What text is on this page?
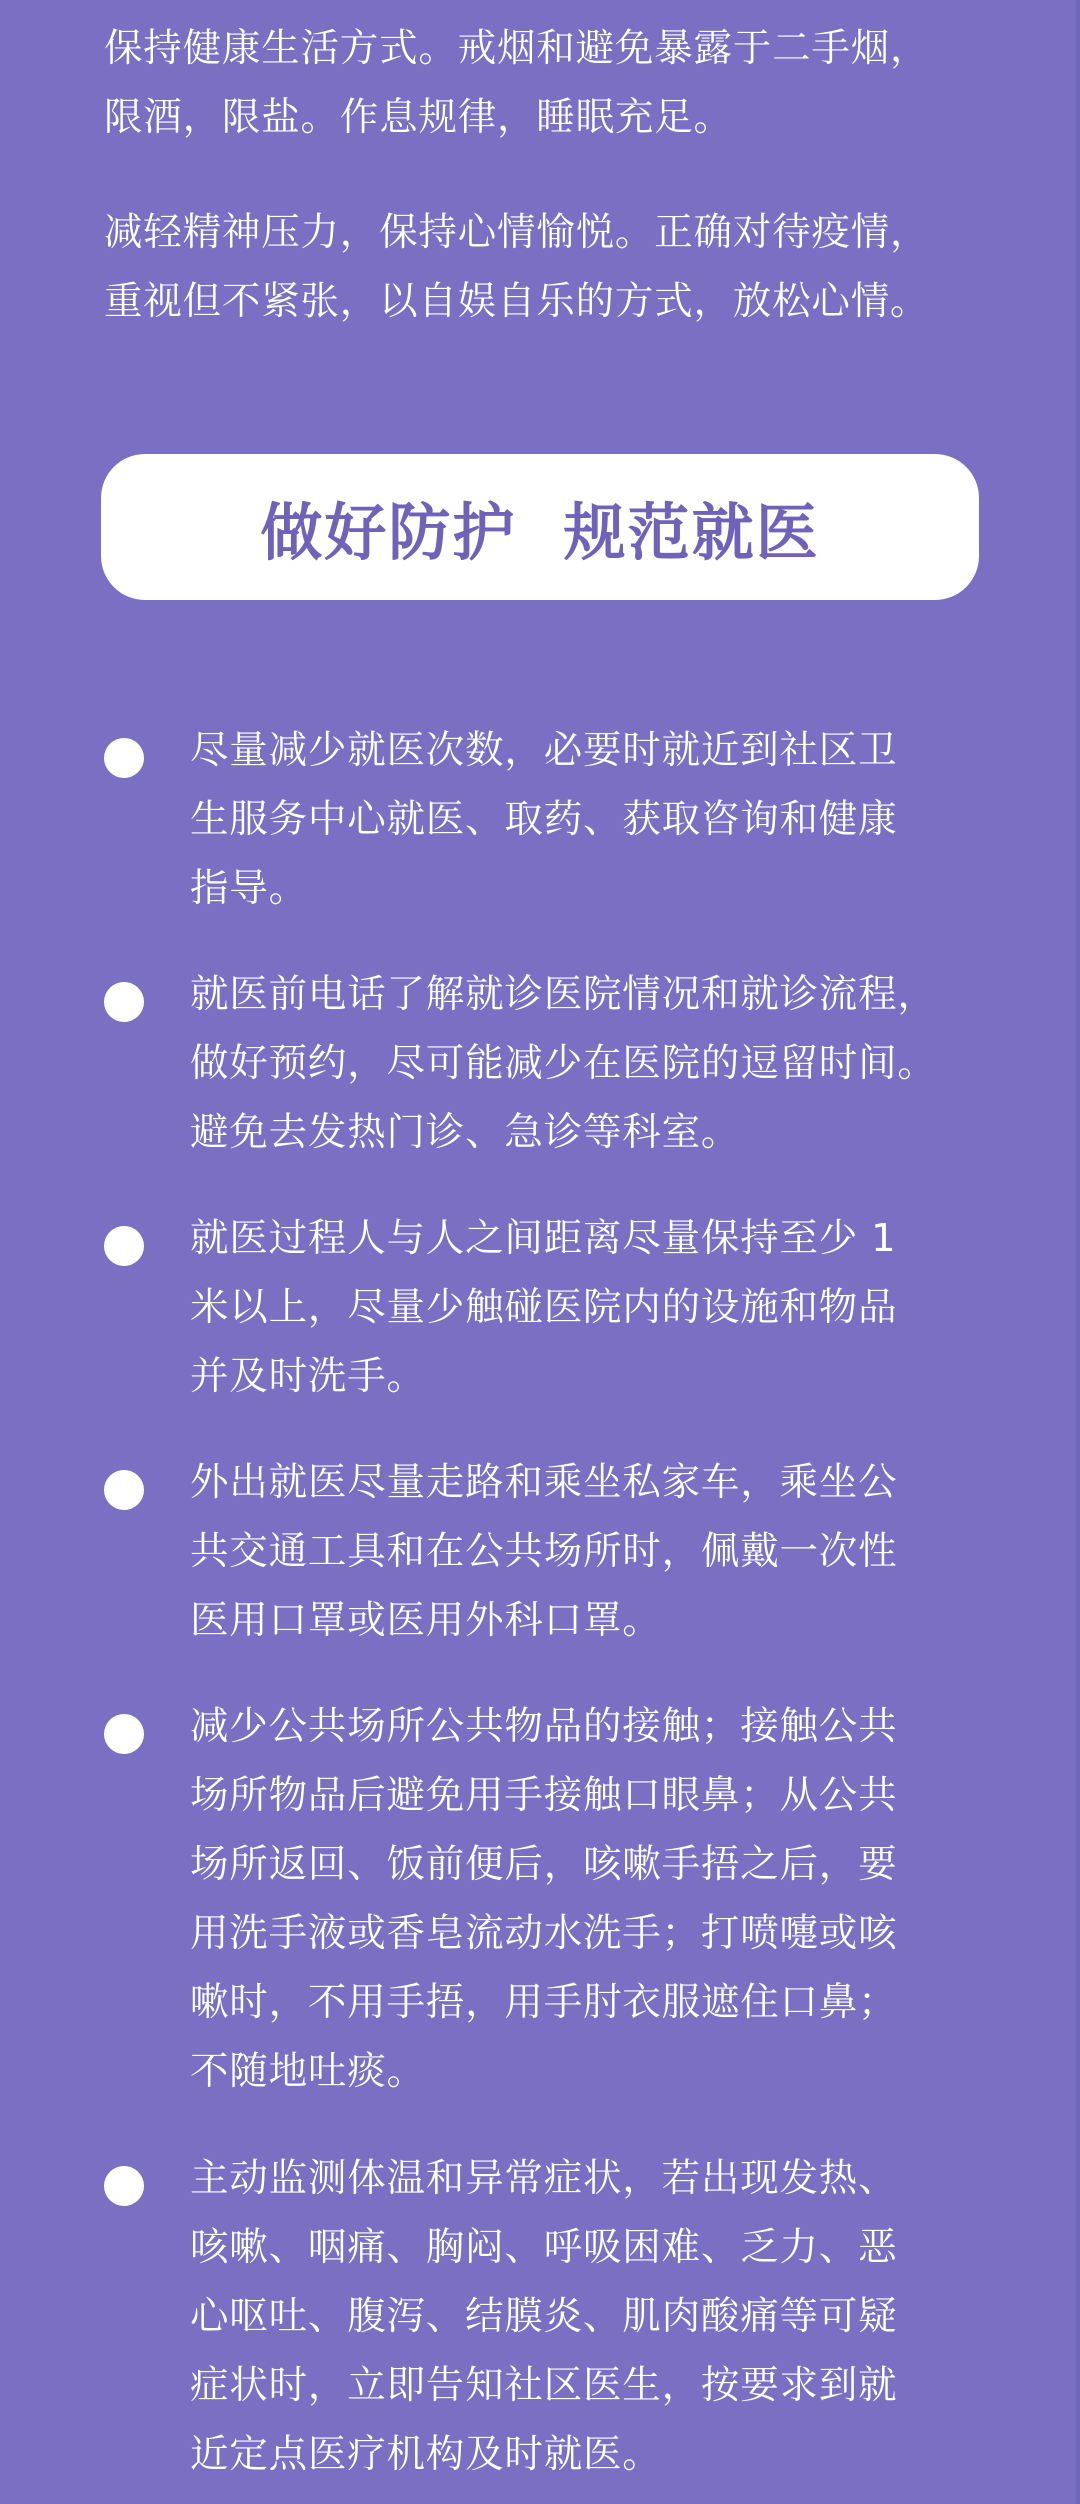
保持健康生活方式。戒烟和避免暴露于二手烟，
限酒，限盐。作息规律，睡眠充足。

减轻精神压力，保持心情愉悦。正确对待疫情，
重视但不紧张，以自娱自乐的方式，放松心情。

做好防护  规范就医
尽量减少就医次数，必要时就近到社区卫
生服务中心就医、取药、获取咨询和健康
指导。
就医前电话了解就诊医院情况和就诊流程，
做好预约，尽可能减少在医院的逗留时间。
避免去发热门诊、急诊等科室。
就医过程人与人之间距离尽量保持至少 1
米以上，尽量少触碰医院内的设施和物品
并及时洗手。
外出就医尽量走路和乘坐私家车，乘坐公
共交通工具和在公共场所时，佩戴一次性
医用口罩或医用外科口罩。
减少公共场所公共物品的接触；接触公共
场所物品后避免用手接触口眼鼻；从公共
场所返回、饭前便后，咳嗽手捂之后，要
用洗手液或香皂流动水洗手；打喷嚏或咳
嗽时，不用手捂，用手肘衣服遮住口鼻；
不随地吐痰。
主动监测体温和异常症状，若出现发热、
咳嗽、咽痛、胸闷、呼吸困难、乏力、恶
心呕吐、腹泻、结膜炎、肌肉酸痛等可疑
症状时，立即告知社区医生，按要求到就
近定点医疗机构及时就医。
